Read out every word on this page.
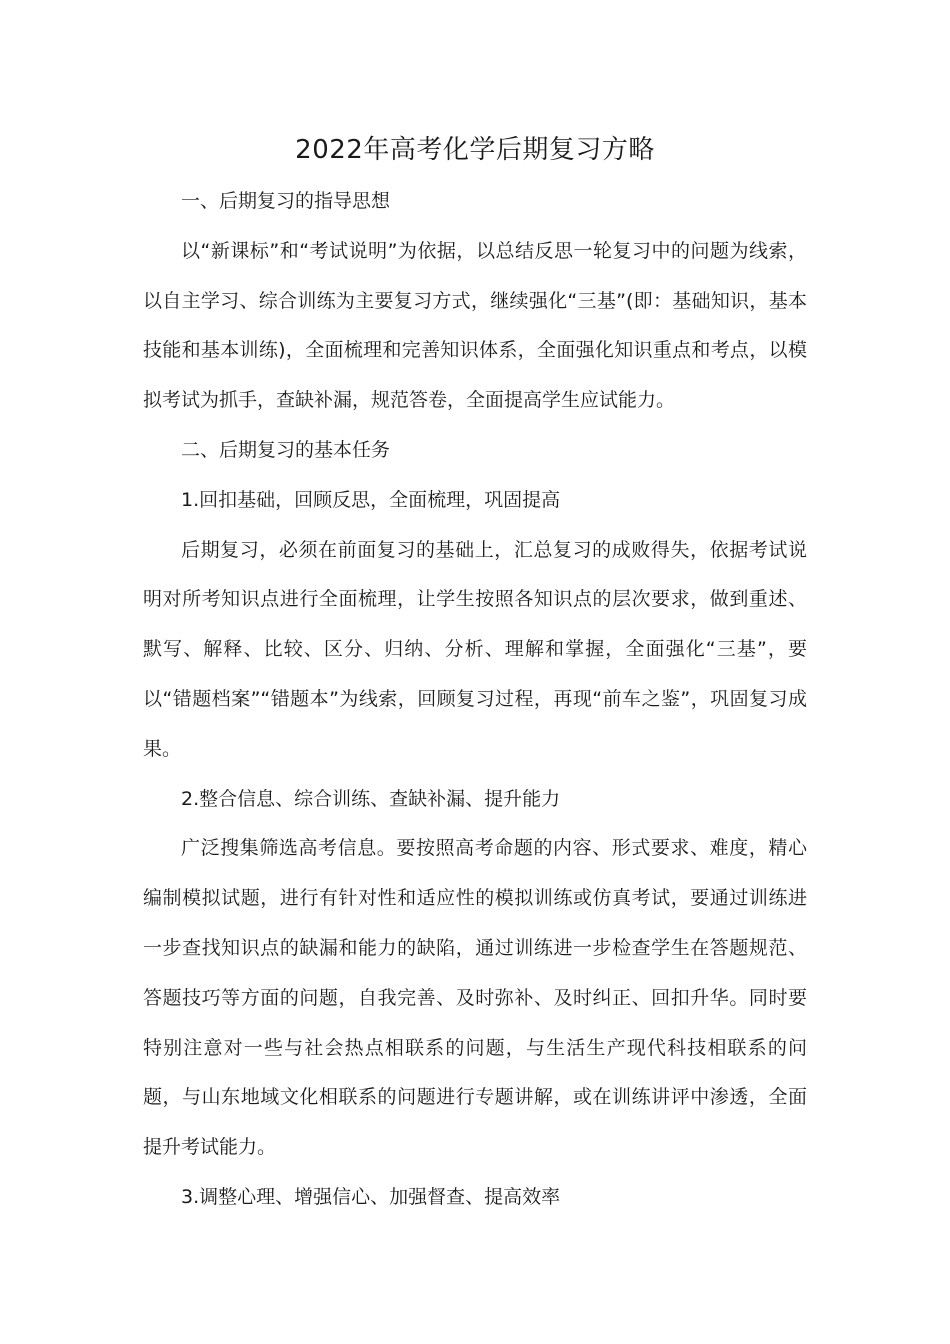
2022年高考化学后期复习方略

一、后期复习的指导思想

以“新课标”和“考试说明”为依据，以总结反思一轮复习中的问题为线索，以自主学习、综合训练为主要复习方式，继续强化“三基”(即：基础知识，基本技能和基本训练)，全面梳理和完善知识体系，全面强化知识重点和考点，以模拟考试为抓手，查缺补漏，规范答卷，全面提高学生应试能力。

二、后期复习的基本任务

1.回扣基础，回顾反思，全面梳理，巩固提高

后期复习，必须在前面复习的基础上，汇总复习的成败得失，依据考试说明对所考知识点进行全面梳理，让学生按照各知识点的层次要求，做到重述、默写、解释、比较、区分、归纳、分析、理解和掌握，全面强化“三基”，要以“错题档案”“错题本”为线索，回顾复习过程，再现“前车之鉴”，巩固复习成果。

2.整合信息、综合训练、查缺补漏、提升能力

广泛搜集筛选高考信息。要按照高考命题的内容、形式要求、难度，精心编制模拟试题，进行有针对性和适应性的模拟训练或仿真考试，要通过训练进一步查找知识点的缺漏和能力的缺陷，通过训练进一步检查学生在答题规范、答题技巧等方面的问题，自我完善、及时弥补、及时纠正、回扣升华。同时要特别注意对一些与社会热点相联系的问题，与生活生产现代科技相联系的问题，与山东地域文化相联系的问题进行专题讲解，或在训练讲评中渗透，全面提升考试能力。

3.调整心理、增强信心、加强督查、提高效率
